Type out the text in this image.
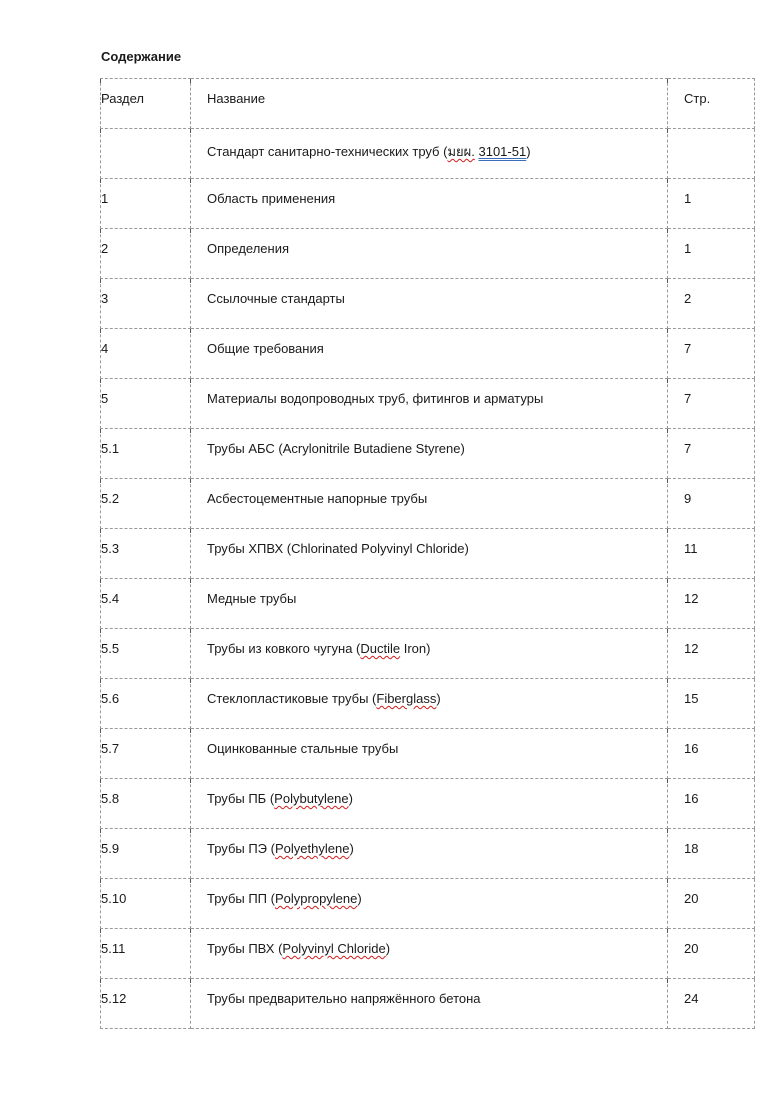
Содержание
Раздел	Название	Стр.

	Стандарт санитарно-технических труб (มยผ. 3101-51)	

1	Область применения	1

2	Определения	1

3	Ссылочные стандарты	2

4	Общие требования	7

5	Материалы водопроводных труб, фитингов и арматуры	7

5.1	Трубы АБС (Acrylonitrile Butadiene Styrene)	7

5.2	Асбестоцементные напорные трубы	9

5.3	Трубы ХПВХ (Chlorinated Polyvinyl Chloride)	11

5.4	Медные трубы	12

5.5	Трубы из ковкого чугуна (Ductile Iron)	12

5.6	Стеклопластиковые трубы (Fiberglass)	15

5.7	Оцинкованные стальные трубы	16

5.8	Трубы ПБ (Polybutylene)	16

5.9	Трубы ПЭ (Polyethylene)	18

5.10	Трубы ПП (Polypropylene)	20

5.11	Трубы ПВХ (Polyvinyl Chloride)	20

5.12	Трубы предварительно напряжённого бетона	24
